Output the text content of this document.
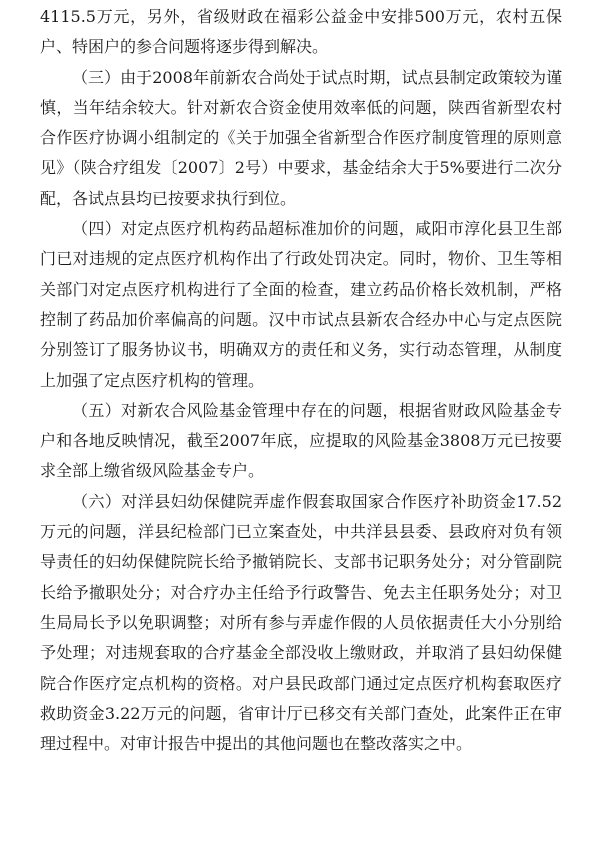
4115.5万元，另外，省级财政在福彩公益金中安排500万元，农村五保户、特困户的参合问题将逐步得到解决。

（三）由于2008年前新农合尚处于试点时期，试点县制定政策较为谨慎，当年结余较大。针对新农合资金使用效率低的问题，陕西省新型农村合作医疗协调小组制定的《关于加强全省新型合作医疗制度管理的原则意见》（陕合疗组发〔2007〕2号）中要求，基金结余大于5%要进行二次分配，各试点县均已按要求执行到位。

（四）对定点医疗机构药品超标准加价的问题，咸阳市淳化县卫生部门已对违规的定点医疗机构作出了行政处罚决定。同时，物价、卫生等相关部门对定点医疗机构进行了全面的检查，建立药品价格长效机制，严格控制了药品加价率偏高的问题。汉中市试点县新农合经办中心与定点医院分别签订了服务协议书，明确双方的责任和义务，实行动态管理，从制度上加强了定点医疗机构的管理。

（五）对新农合风险基金管理中存在的问题，根据省财政风险基金专户和各地反映情况，截至2007年底，应提取的风险基金3808万元已按要求全部上缴省级风险基金专户。

（六）对洋县妇幼保健院弄虚作假套取国家合作医疗补助资金17.52万元的问题，洋县纪检部门已立案查处，中共洋县县委、县政府对负有领导责任的妇幼保健院院长给予撤销院长、支部书记职务处分；对分管副院长给予撤职处分；对合疗办主任给予行政警告、免去主任职务处分；对卫生局局长予以免职调整；对所有参与弄虚作假的人员依据责任大小分别给予处理；对违规套取的合疗基金全部没收上缴财政，并取消了县妇幼保健院合作医疗定点机构的资格。对户县民政部门通过定点医疗机构套取医疗救助资金3.22万元的问题，省审计厅已移交有关部门查处，此案件正在审理过程中。对审计报告中提出的其他问题也在整改落实之中。
